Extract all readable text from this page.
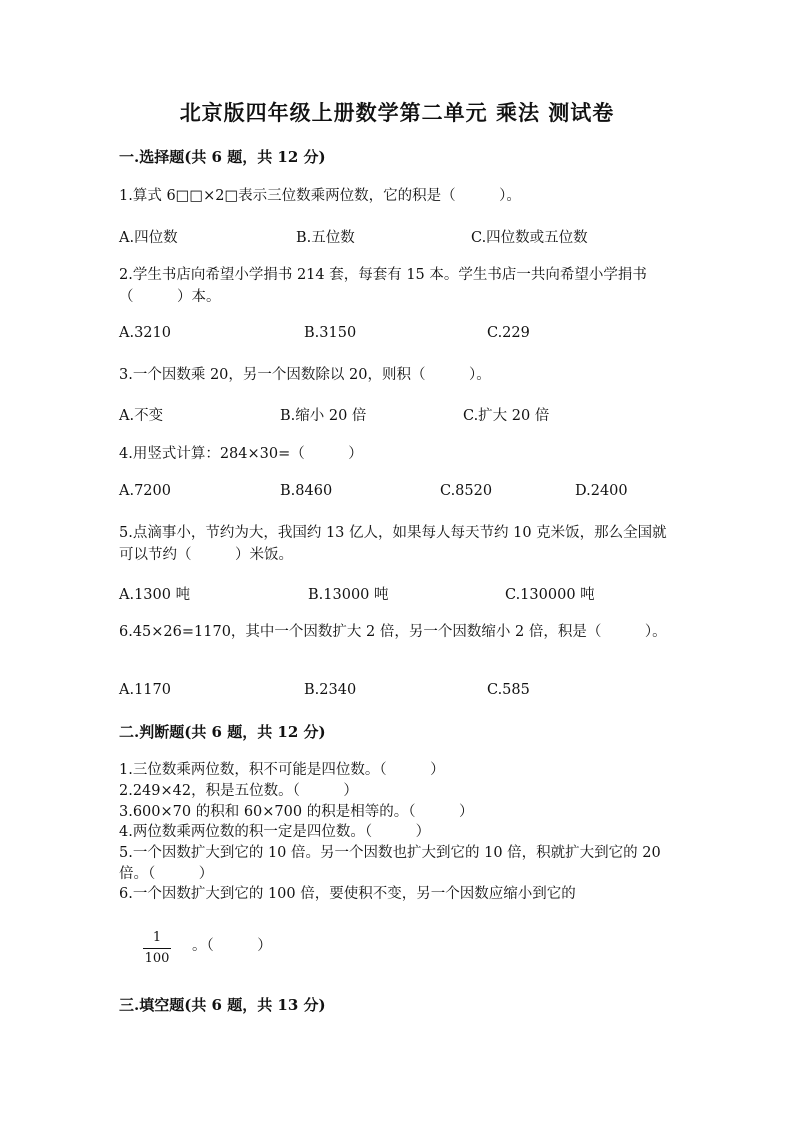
北京版四年级上册数学第二单元 乘法 测试卷
一.选择题(共 6 题，共 12 分)
1.算式 6□□×2□表示三位数乘两位数，它的积是（　　　）。
A.四位数	B.五位数	C.四位数或五位数
2.学生书店向希望小学捐书 214 套，每套有 15 本。学生书店一共向希望小学捐书（　　　）本。
A.3210	B.3150	C.229
3.一个因数乘 20，另一个因数除以 20，则积（　　　）。
A.不变	B.缩小 20 倍	C.扩大 20 倍
4.用竖式计算：284×30=（　　　）
A.7200	B.8460	C.8520	D.2400
5.点滴事小，节约为大，我国约 13 亿人，如果每人每天节约 10 克米饭，那么全国就可以节约（　　　）米饭。
A.1300 吨	B.13000 吨	C.130000 吨
6.45×26=1170，其中一个因数扩大 2 倍，另一个因数缩小 2 倍，积是（　　　）。
A.1170	B.2340	C.585
二.判断题(共 6 题，共 12 分)
1.三位数乘两位数，积不可能是四位数。（　　　）
2.249×42，积是五位数。（　　　）
3.600×70 的积和 60×700 的积是相等的。（　　　）
4.两位数乘两位数的积一定是四位数。（　　　）
5.一个因数扩大到它的 10 倍。另一个因数也扩大到它的 10 倍，积就扩大到它的 20 倍。（　　　）
6.一个因数扩大到它的 100 倍，要使积不变，另一个因数应缩小到它的
1
100
。（　　　）
三.填空题(共 6 题，共 13 分)
